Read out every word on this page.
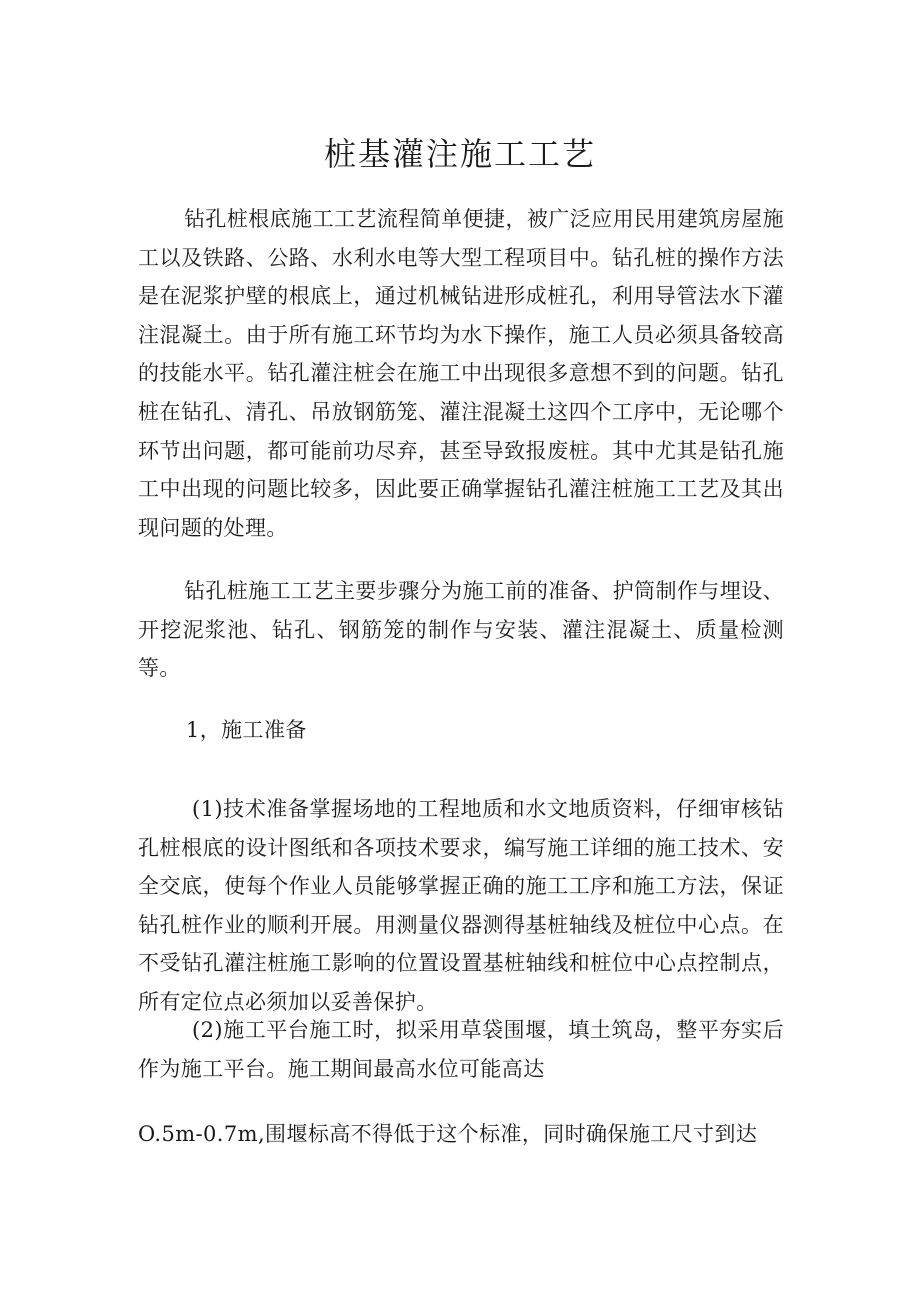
桩基灌注施工工艺

钻孔桩根底施工工艺流程简单便捷，被广泛应用民用建筑房屋施工以及铁路、公路、水利水电等大型工程项目中。钻孔桩的操作方法是在泥浆护壁的根底上，通过机械钻进形成桩孔，利用导管法水下灌注混凝土。由于所有施工环节均为水下操作，施工人员必须具备较高的技能水平。钻孔灌注桩会在施工中出现很多意想不到的问题。钻孔桩在钻孔、清孔、吊放钢筋笼、灌注混凝土这四个工序中，无论哪个环节出问题，都可能前功尽弃，甚至导致报废桩。其中尤其是钻孔施工中出现的问题比较多，因此要正确掌握钻孔灌注桩施工工艺及其出现问题的处理。

钻孔桩施工工艺主要步骤分为施工前的准备、护筒制作与埋设、开挖泥浆池、钻孔、钢筋笼的制作与安装、灌注混凝土、质量检测等。

1，施工准备

(1)技术准备掌握场地的工程地质和水文地质资料，仔细审核钻孔桩根底的设计图纸和各项技术要求，编写施工详细的施工技术、安全交底，使每个作业人员能够掌握正确的施工工序和施工方法，保证钻孔桩作业的顺利开展。用测量仪器测得基桩轴线及桩位中心点。在不受钻孔灌注桩施工影响的位置设置基桩轴线和桩位中心点控制点，所有定位点必须加以妥善保护。

(2)施工平台施工时，拟采用草袋围堰，填土筑岛，整平夯实后作为施工平台。施工期间最高水位可能高达

O.5m-0.7m,围堰标高不得低于这个标准，同时确保施工尺寸到达
